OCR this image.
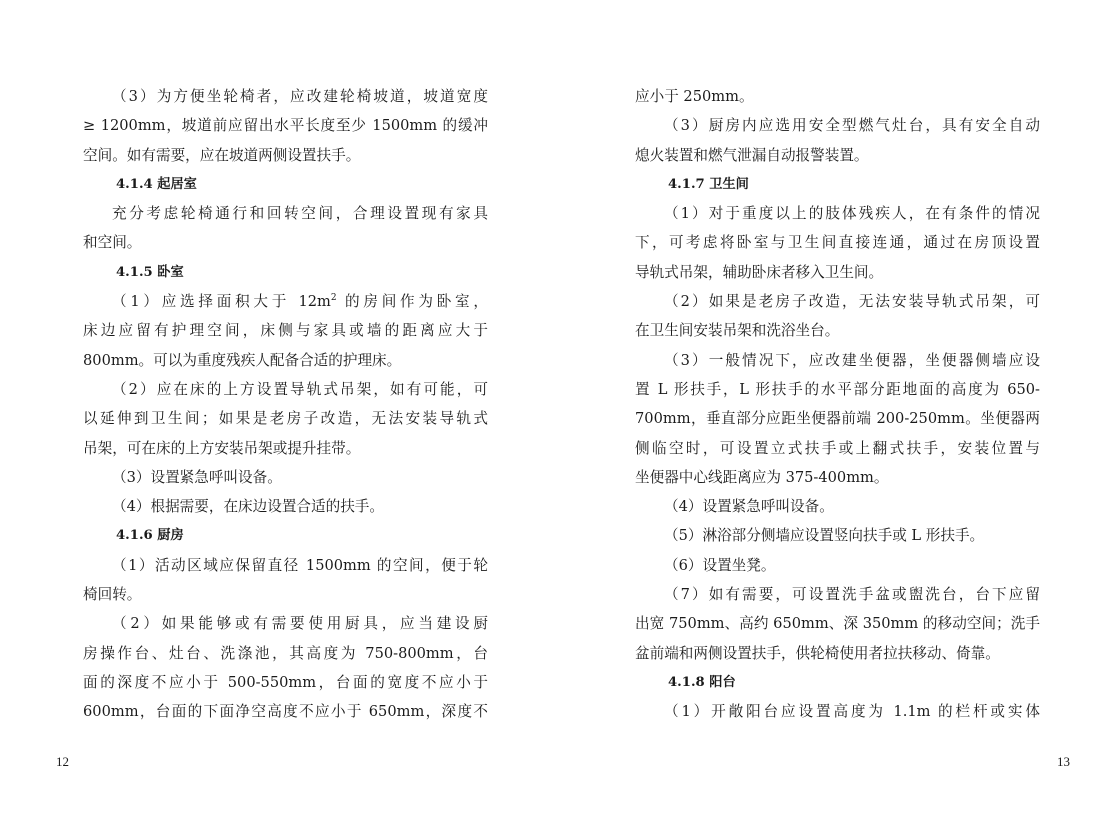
（3）为方便坐轮椅者，应改建轮椅坡道，坡道宽度
≥ 1200mm，坡道前应留出水平长度至少 1500mm 的缓冲
空间。如有需要，应在坡道两侧设置扶手。
4.1.4 起居室
充分考虑轮椅通行和回转空间，合理设置现有家具
和空间。
4.1.5 卧室
（1）应选择面积大于 $12m^2$ 的房间作为卧室，
床边应留有护理空间，床侧与家具或墙的距离应大于
800mm。可以为重度残疾人配备合适的护理床。
（2）应在床的上方设置导轨式吊架，如有可能，可
以延伸到卫生间；如果是老房子改造，无法安装导轨式
吊架，可在床的上方安装吊架或提升挂带。
（3）设置紧急呼叫设备。
（4）根据需要，在床边设置合适的扶手。
4.1.6 厨房
（1）活动区域应保留直径 1500mm 的空间，便于轮
椅回转。
（2）如果能够或有需要使用厨具，应当建设厨
房操作台、灶台、洗涤池，其高度为 750-800mm，台
面的深度不应小于 500-550mm，台面的宽度不应小于
600mm，台面的下面净空高度不应小于 650mm，深度不
12
应小于 250mm。
（3）厨房内应选用安全型燃气灶台，具有安全自动
熄火装置和燃气泄漏自动报警装置。
4.1.7 卫生间
（1）对于重度以上的肢体残疾人，在有条件的情况
下，可考虑将卧室与卫生间直接连通，通过在房顶设置
导轨式吊架，辅助卧床者移入卫生间。
（2）如果是老房子改造，无法安装导轨式吊架，可
在卫生间安装吊架和洗浴坐台。
（3）一般情况下，应改建坐便器，坐便器侧墙应设
置 L 形扶手，L 形扶手的水平部分距地面的高度为 650-
700mm，垂直部分应距坐便器前端 200-250mm。坐便器两
侧临空时，可设置立式扶手或上翻式扶手，安装位置与
坐便器中心线距离应为 375-400mm。
（4）设置紧急呼叫设备。
（5）淋浴部分侧墙应设置竖向扶手或 L 形扶手。
（6）设置坐凳。
（7）如有需要，可设置洗手盆或盥洗台，台下应留
出宽 750mm、高约 650mm、深 350mm 的移动空间；洗手
盆前端和两侧设置扶手，供轮椅使用者拉扶移动、倚靠。
4.1.8 阳台
（1）开敞阳台应设置高度为 1.1m 的栏杆或实体
13
